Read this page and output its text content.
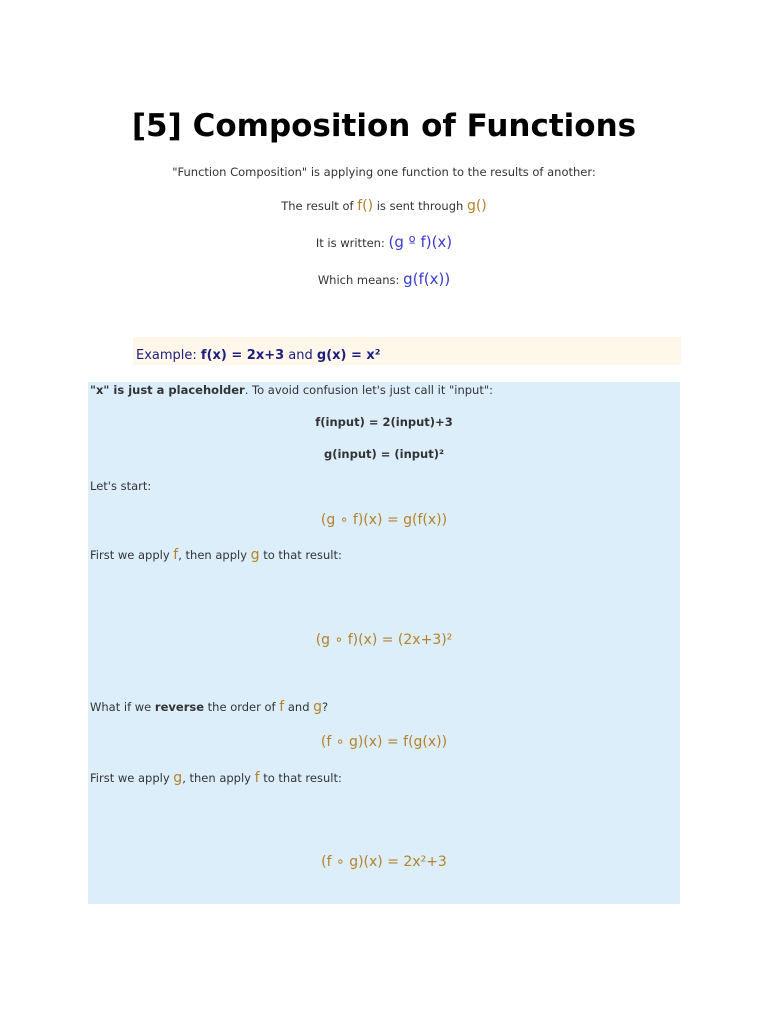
[5] Composition of Functions
"Function Composition" is applying one function to the results of another:
The result of f() is sent through g()
It is written: (g º f)(x)
Which means: g(f(x))
Example: f(x) = 2x+3 and g(x) = x²
"x" is just a placeholder. To avoid confusion let's just call it "input":
f(input) = 2(input)+3
g(input) = (input)²
Let's start:
(g ∘ f)(x) = g(f(x))
First we apply f, then apply g to that result:
(g ∘ f)(x) = (2x+3)²
What if we reverse the order of f and g?
(f ∘ g)(x) = f(g(x))
First we apply g, then apply f to that result:
(f ∘ g)(x) = 2x²+3
